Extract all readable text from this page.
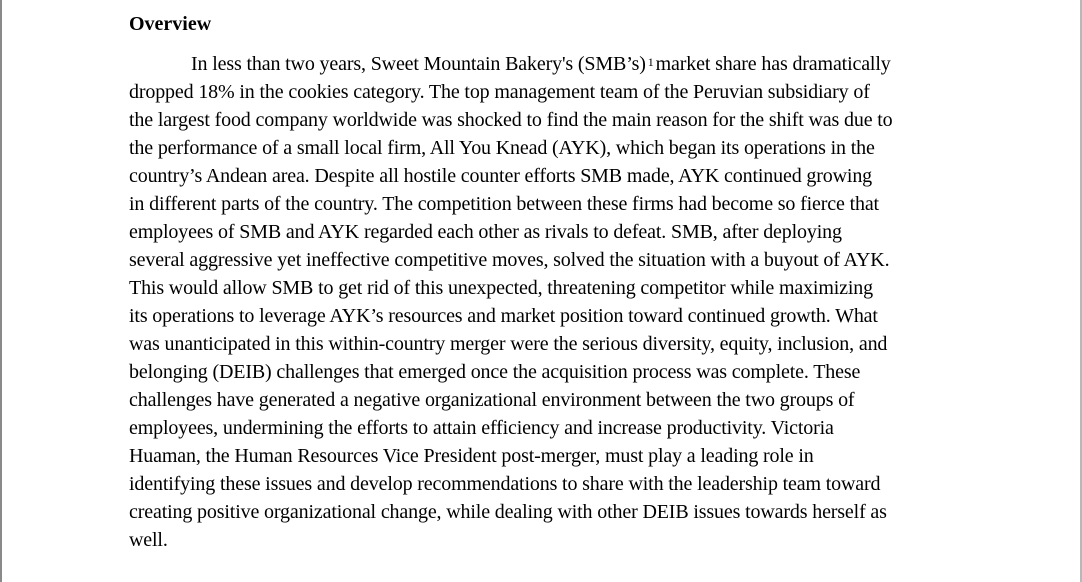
Overview
In less than two years, Sweet Mountain Bakery's (SMB’s) $^1$ market share has dramatically
dropped 18% in the cookies category. The top management team of the Peruvian subsidiary of
the largest food company worldwide was shocked to find the main reason for the shift was due to
the performance of a small local firm, All You Knead (AYK), which began its operations in the
country’s Andean area. Despite all hostile counter efforts SMB made, AYK continued growing
in different parts of the country. The competition between these firms had become so fierce that
employees of SMB and AYK regarded each other as rivals to defeat. SMB, after deploying
several aggressive yet ineffective competitive moves, solved the situation with a buyout of AYK.
This would allow SMB to get rid of this unexpected, threatening competitor while maximizing
its operations to leverage AYK’s resources and market position toward continued growth. What
was unanticipated in this within-country merger were the serious diversity, equity, inclusion, and
belonging (DEIB) challenges that emerged once the acquisition process was complete. These
challenges have generated a negative organizational environment between the two groups of
employees, undermining the efforts to attain efficiency and increase productivity. Victoria
Huaman, the Human Resources Vice President post-merger, must play a leading role in
identifying these issues and develop recommendations to share with the leadership team toward
creating positive organizational change, while dealing with other DEIB issues towards herself as
well.
